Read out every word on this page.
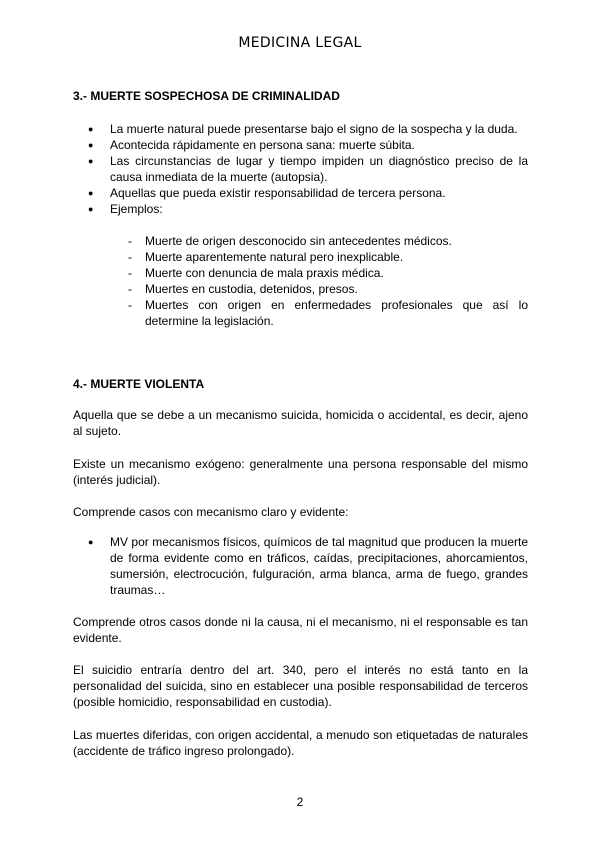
MEDICINA LEGAL

3.- MUERTE SOSPECHOSA DE CRIMINALIDAD

● La muerte natural puede presentarse bajo el signo de la sospecha y la duda.
● Acontecida rápidamente en persona sana: muerte súbita.
● Las circunstancias de lugar y tiempo impiden un diagnóstico preciso de la causa inmediata de la muerte (autopsia).
● Aquellas que pueda existir responsabilidad de tercera persona.
● Ejemplos:
- Muerte de origen desconocido sin antecedentes médicos.
- Muerte aparentemente natural pero inexplicable.
- Muerte con denuncia de mala praxis médica.
- Muertes en custodia, detenidos, presos.
- Muertes con origen en enfermedades profesionales que así lo determine la legislación.

4.- MUERTE VIOLENTA

Aquella que se debe a un mecanismo suicida, homicida o accidental, es decir, ajeno al sujeto.

Existe un mecanismo exógeno: generalmente una persona responsable del mismo (interés judicial).

Comprende casos con mecanismo claro y evidente:

● MV por mecanismos físicos, químicos de tal magnitud que producen la muerte de forma evidente como en tráficos, caídas, precipitaciones, ahorcamientos, sumersión, electrocución, fulguración, arma blanca, arma de fuego, grandes traumas…

Comprende otros casos donde ni la causa, ni el mecanismo, ni el responsable es tan evidente.

El suicidio entraría dentro del art. 340, pero el interés no está tanto en la personalidad del suicida, sino en establecer una posible responsabilidad de terceros (posible homicidio, responsabilidad en custodia).

Las muertes diferidas, con origen accidental, a menudo son etiquetadas de naturales (accidente de tráfico ingreso prolongado).

2
